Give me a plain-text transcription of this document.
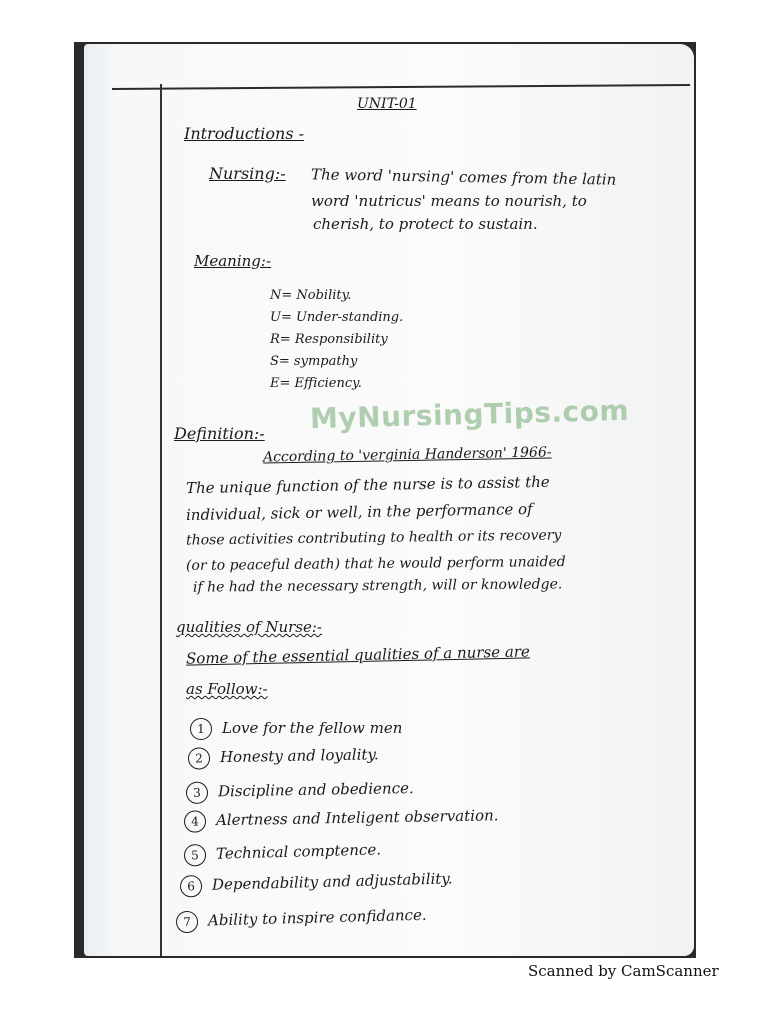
UNIT-01
Introductions -
Nursing:- The word 'nursing' comes from the latin
word 'nutricus' means to nourish, to
cherish, to protect to sustain.
Meaning:-
N= Nobility.
U= Under-standing.
R= Responsibility
S= sympathy
E= Efficiency.
MyNursingTips.com
Definition:-
According to 'verginia Handerson' 1966-
The unique function of the nurse is to assist the
individual, sick or well, in the performance of
those activities contributing to health or its recovery
(or to peaceful death) that he would perform unaided
if he had the necessary strength, will or knowledge.
qualities of Nurse:-
Some of the essential qualities of a nurse are
as Follow:-
1 Love for the fellow men
2 Honesty and loyality.
3 Discipline and obedience.
4 Alertness and Inteligent observation.
5 Technical comptence.
6 Dependability and adjustability.
7 Ability to inspire confidance.
Scanned by CamScanner
